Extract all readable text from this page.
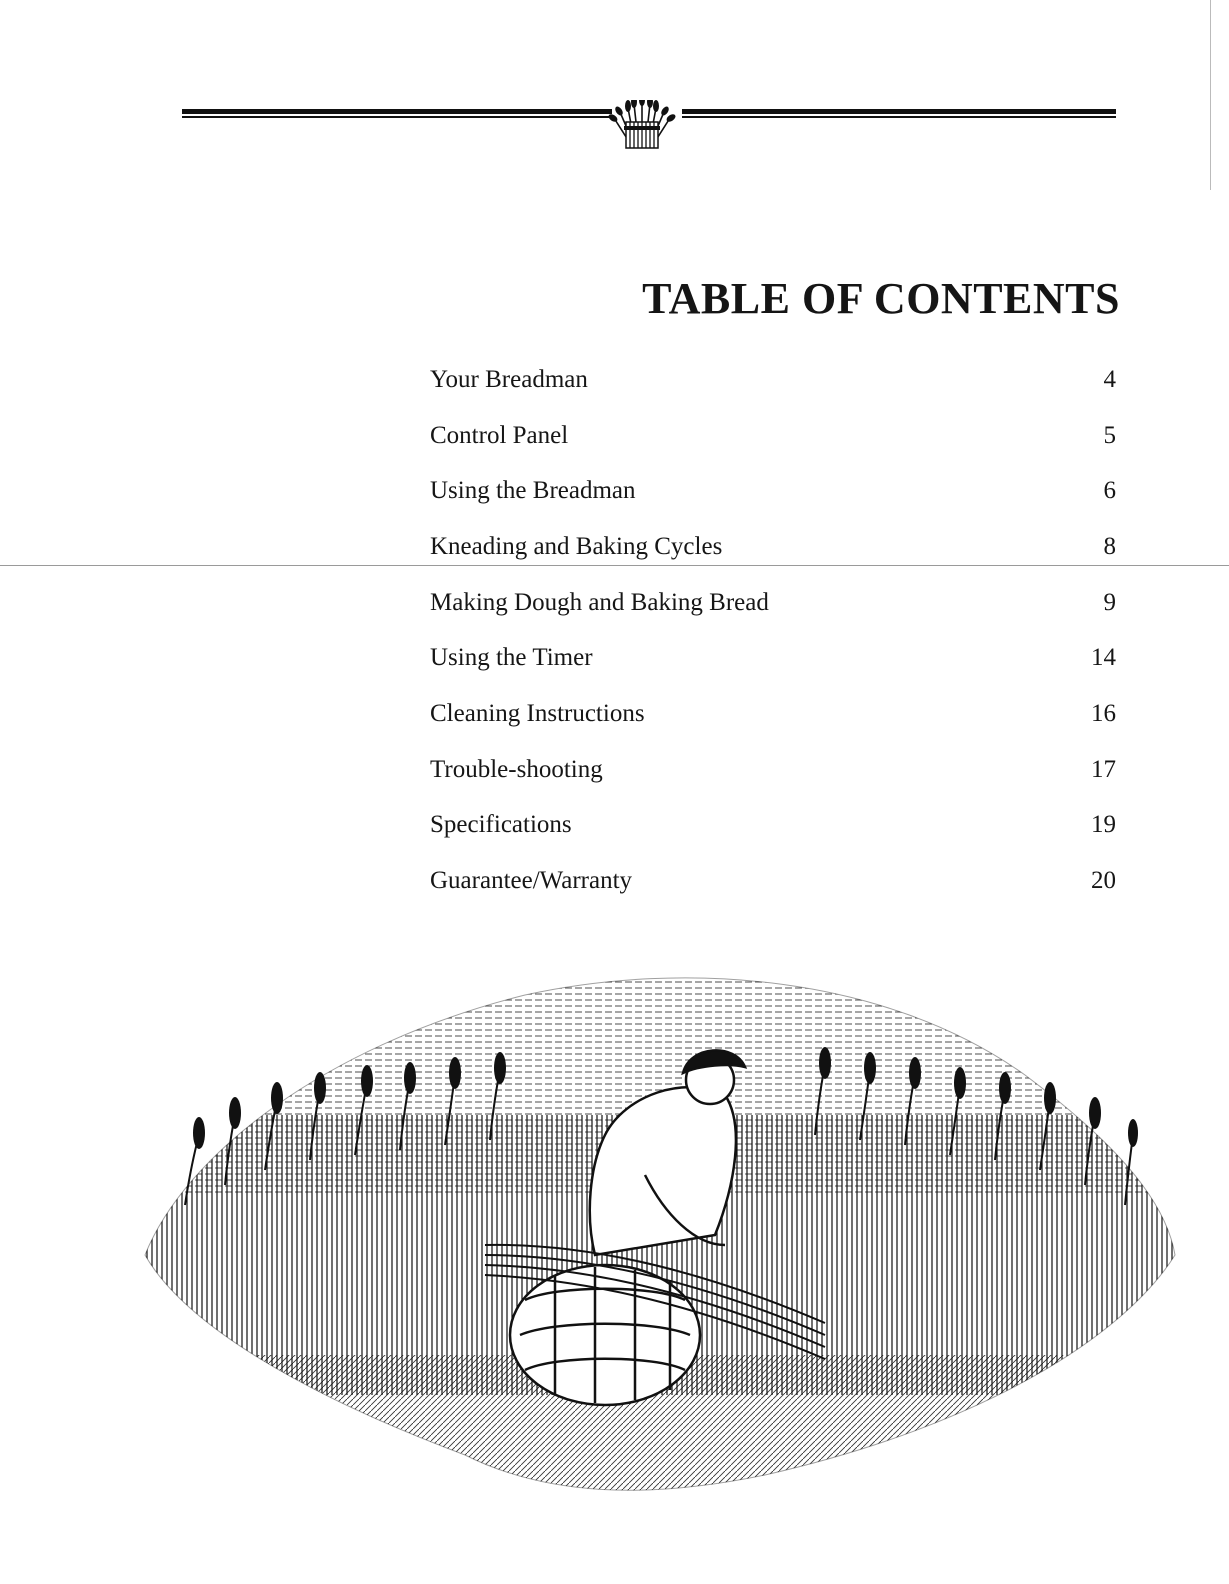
TABLE OF CONTENTS
Your Breadman	4
Control Panel	5
Using the Breadman	6
Kneading and Baking Cycles	8
Making Dough and Baking Bread	9
Using the Timer	14
Cleaning Instructions	16
Trouble-shooting	17
Specifications	19
Guarantee/Warranty	20
